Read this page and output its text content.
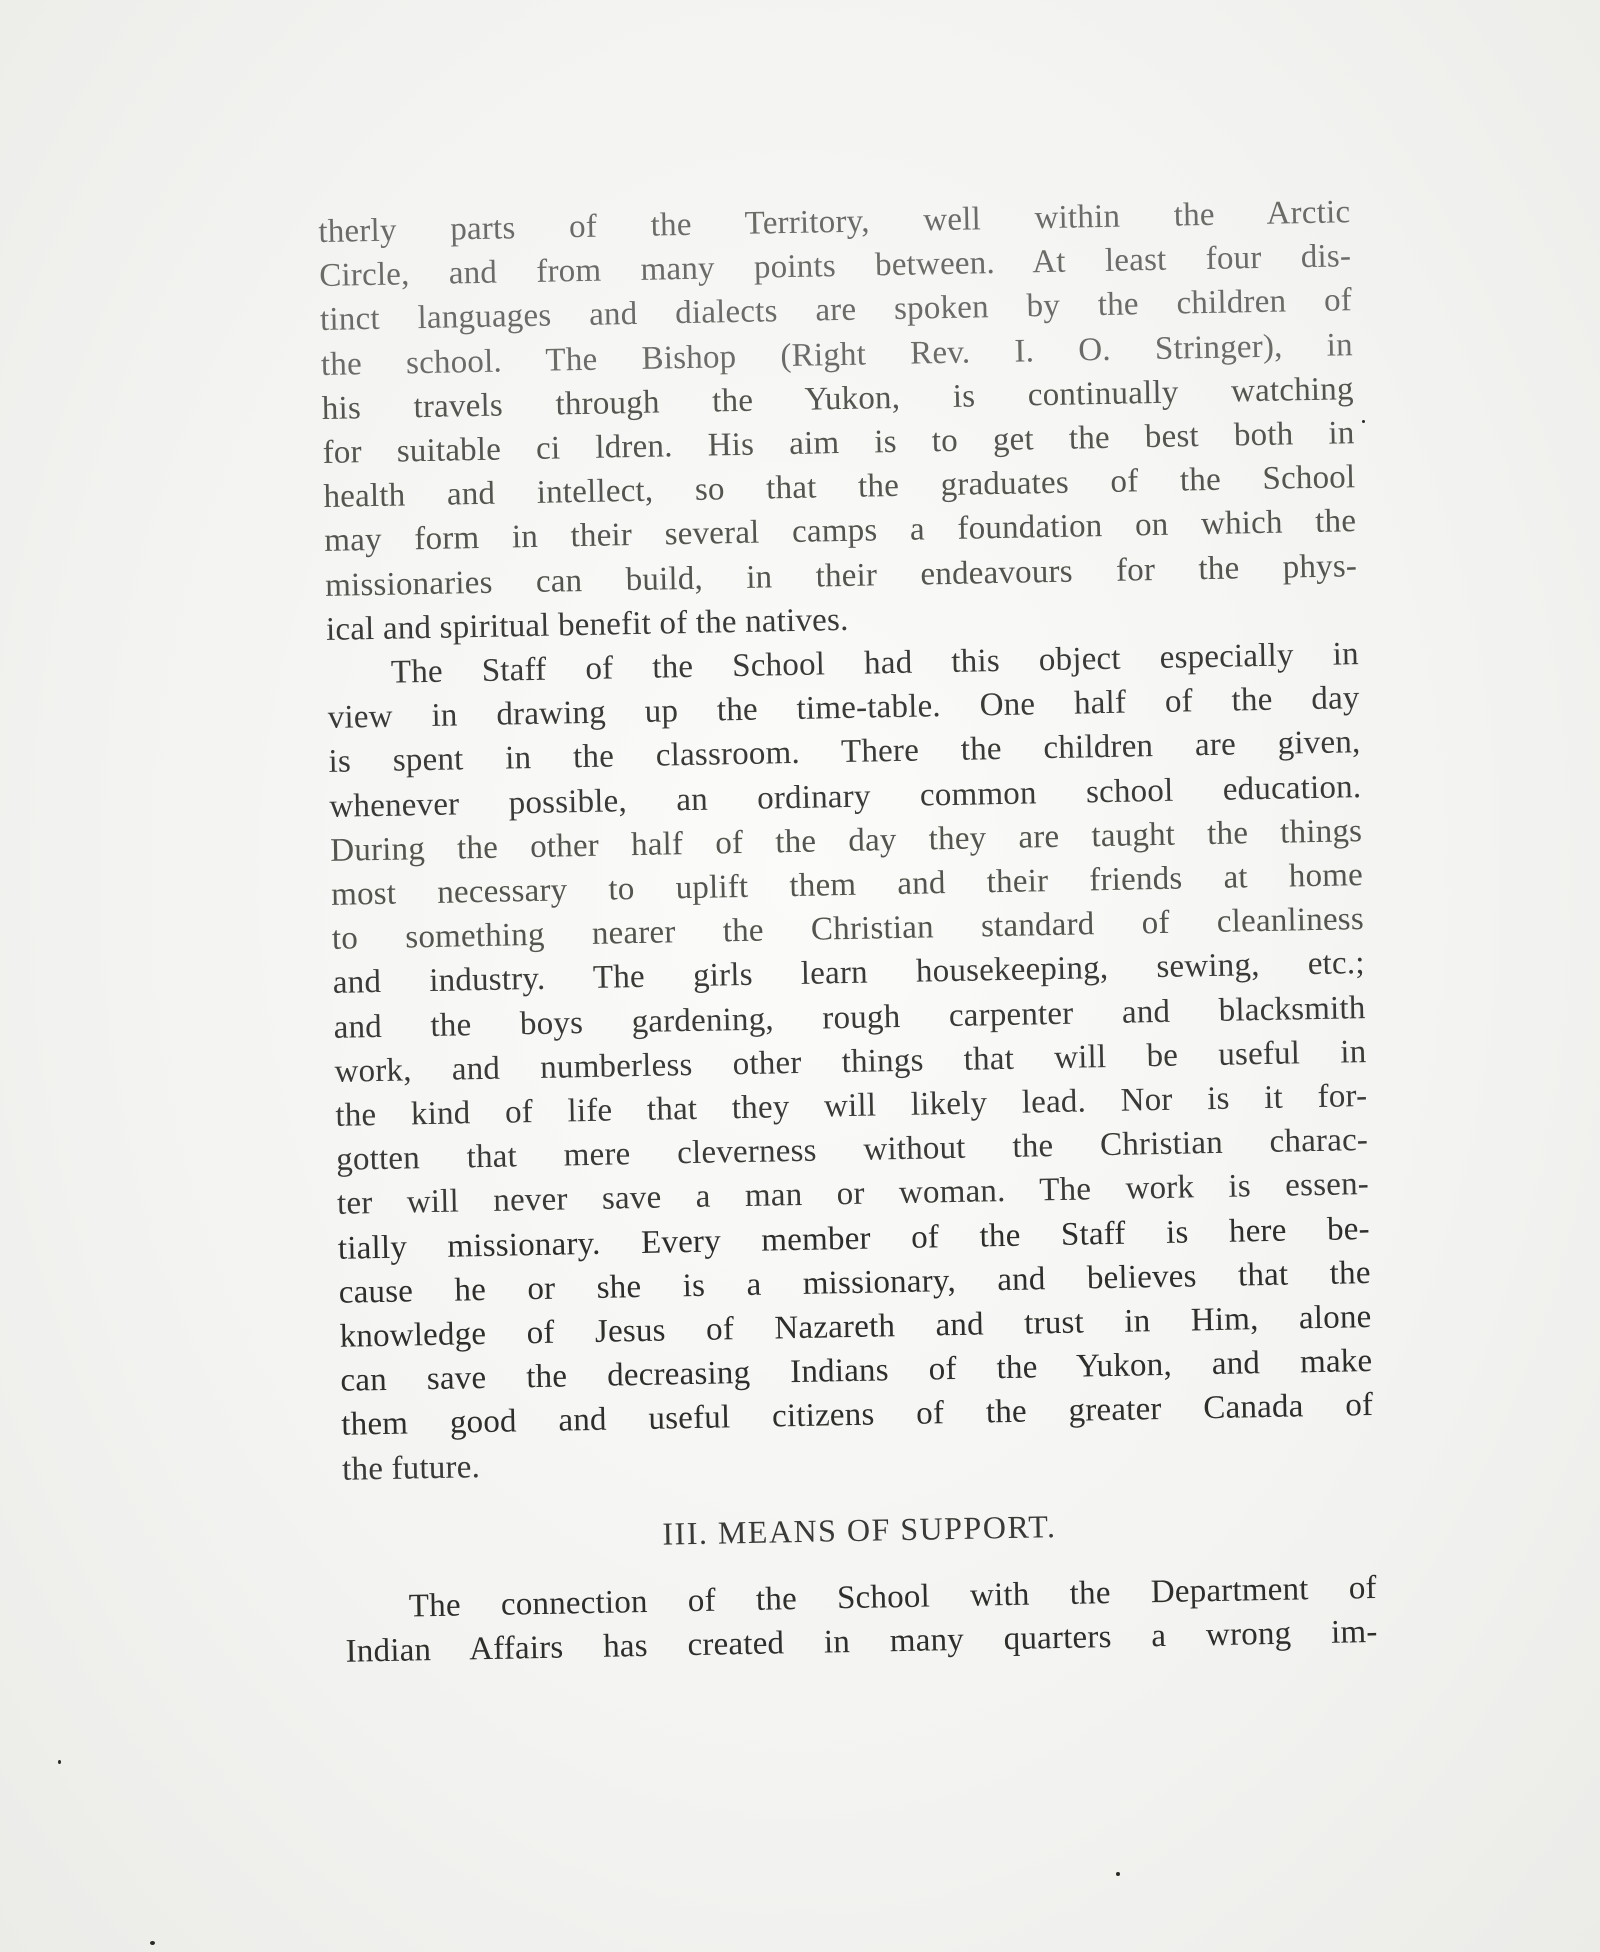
therly parts of the Territory, well within the Arctic
Circle, and from many points between. At least four dis-
tinct languages and dialects are spoken by the children of
the school. The Bishop (Right Rev. I. O. Stringer), in
his travels through the Yukon, is continually watching
for suitable ci ldren. His aim is to get the best both in
health and intellect, so that the graduates of the School
may form in their several camps a foundation on which the
missionaries can build, in their endeavours for the phys-
ical and spiritual benefit of the natives.
The Staff of the School had this object especially in
view in drawing up the time-table. One half of the day
is spent in the classroom. There the children are given,
whenever possible, an ordinary common school education.
During the other half of the day they are taught the things
most necessary to uplift them and their friends at home
to something nearer the Christian standard of cleanliness
and industry. The girls learn housekeeping, sewing, etc.;
and the boys gardening, rough carpenter and blacksmith
work, and numberless other things that will be useful in
the kind of life that they will likely lead. Nor is it for-
gotten that mere cleverness without the Christian charac-
ter will never save a man or woman. The work is essen-
tially missionary. Every member of the Staff is here be-
cause he or she is a missionary, and believes that the
knowledge of Jesus of Nazareth and trust in Him, alone
can save the decreasing Indians of the Yukon, and make
them good and useful citizens of the greater Canada of
the future.
III. MEANS OF SUPPORT.
The connection of the School with the Department of
Indian Affairs has created in many quarters a wrong im-
